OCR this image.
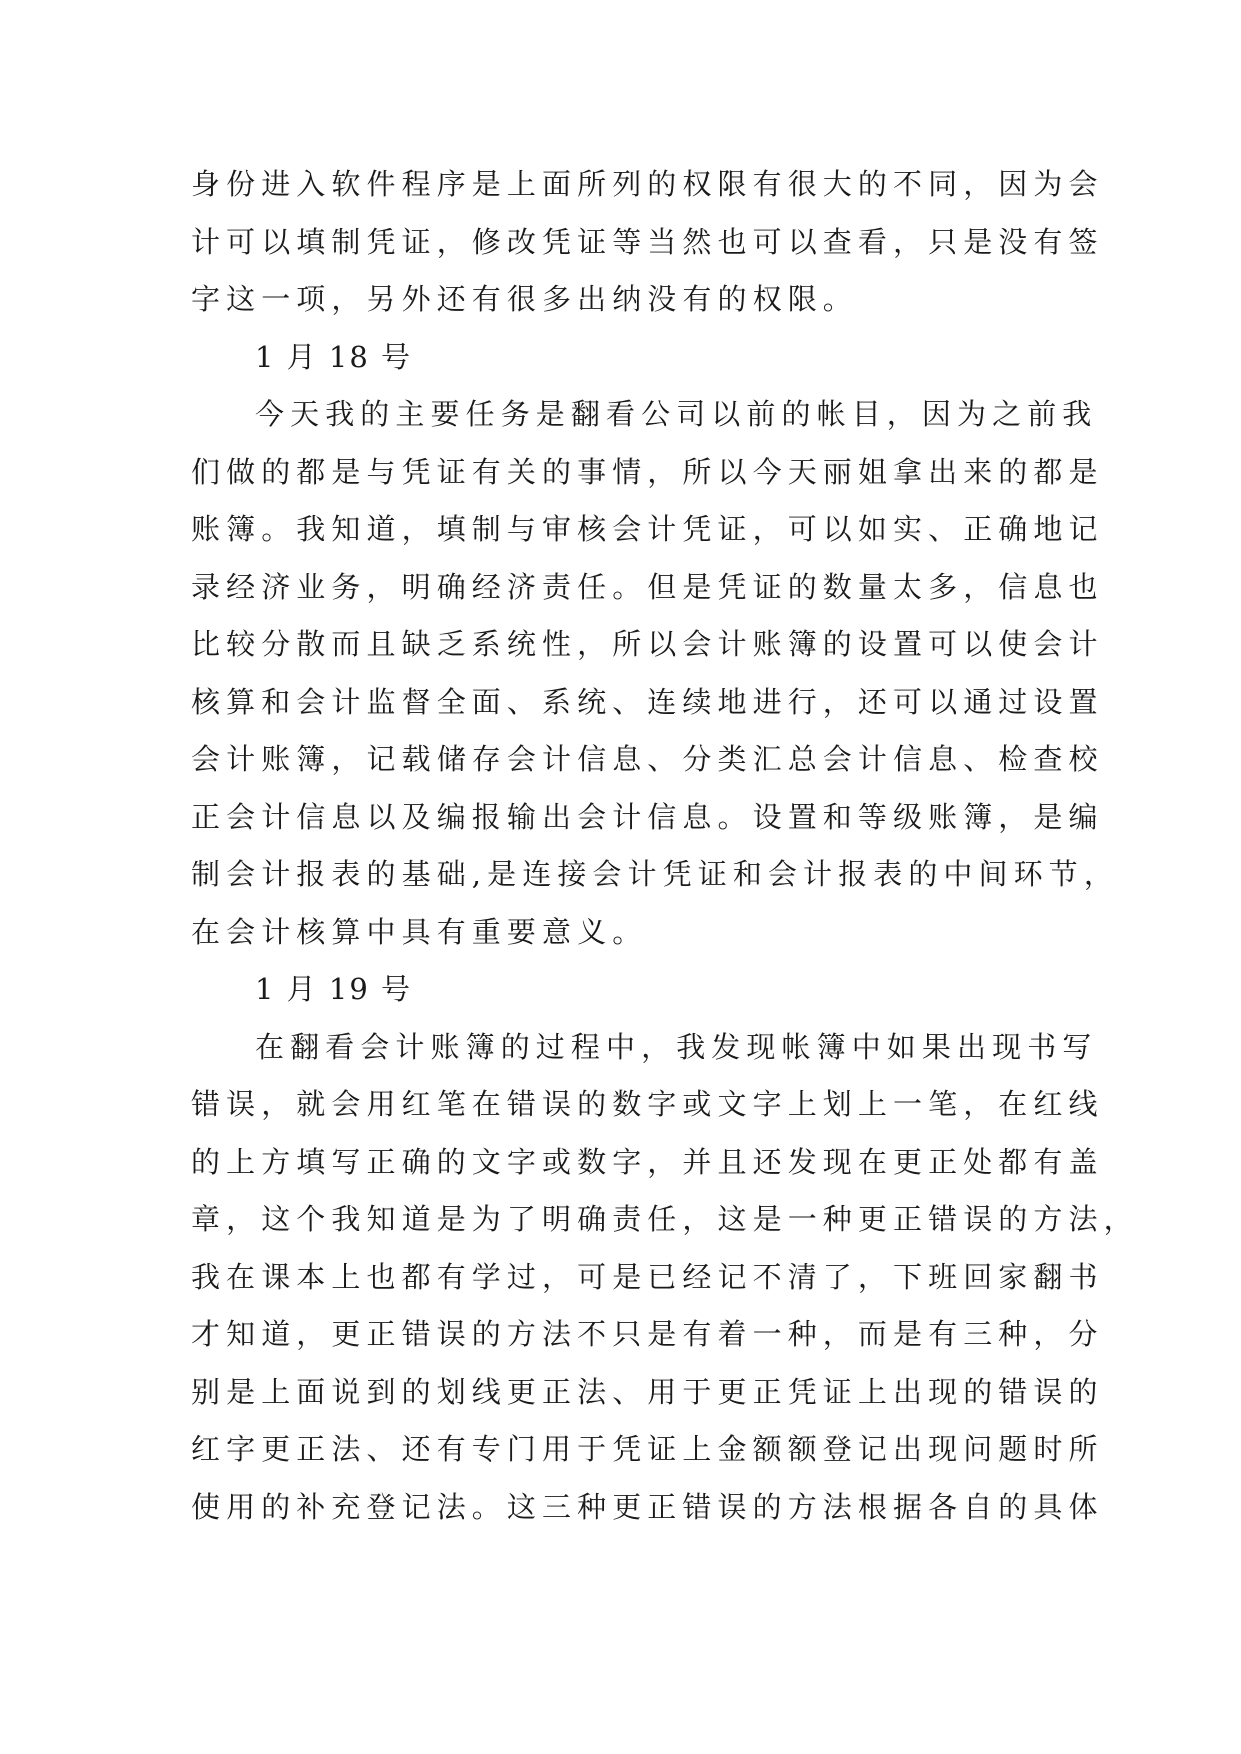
身份进入软件程序是上面所列的权限有很大的不同，因为会
计可以填制凭证，修改凭证等当然也可以查看，只是没有签
字这一项，另外还有很多出纳没有的权限。
1 月 18 号
今天我的主要任务是翻看公司以前的帐目，因为之前我
们做的都是与凭证有关的事情，所以今天丽姐拿出来的都是
账簿。我知道，填制与审核会计凭证，可以如实、正确地记
录经济业务，明确经济责任。但是凭证的数量太多，信息也
比较分散而且缺乏系统性，所以会计账簿的设置可以使会计
核算和会计监督全面、系统、连续地进行，还可以通过设置
会计账簿，记载储存会计信息、分类汇总会计信息、检查校
正会计信息以及编报输出会计信息。设置和等级账簿，是编
制会计报表的基础,是连接会计凭证和会计报表的中间环节，
在会计核算中具有重要意义。
1 月 19 号
在翻看会计账簿的过程中，我发现帐簿中如果出现书写
错误，就会用红笔在错误的数字或文字上划上一笔，在红线
的上方填写正确的文字或数字，并且还发现在更正处都有盖
章，这个我知道是为了明确责任，这是一种更正错误的方法，
我在课本上也都有学过，可是已经记不清了，下班回家翻书
才知道，更正错误的方法不只是有着一种，而是有三种，分
别是上面说到的划线更正法、用于更正凭证上出现的错误的
红字更正法、还有专门用于凭证上金额额登记出现问题时所
使用的补充登记法。这三种更正错误的方法根据各自的具体
